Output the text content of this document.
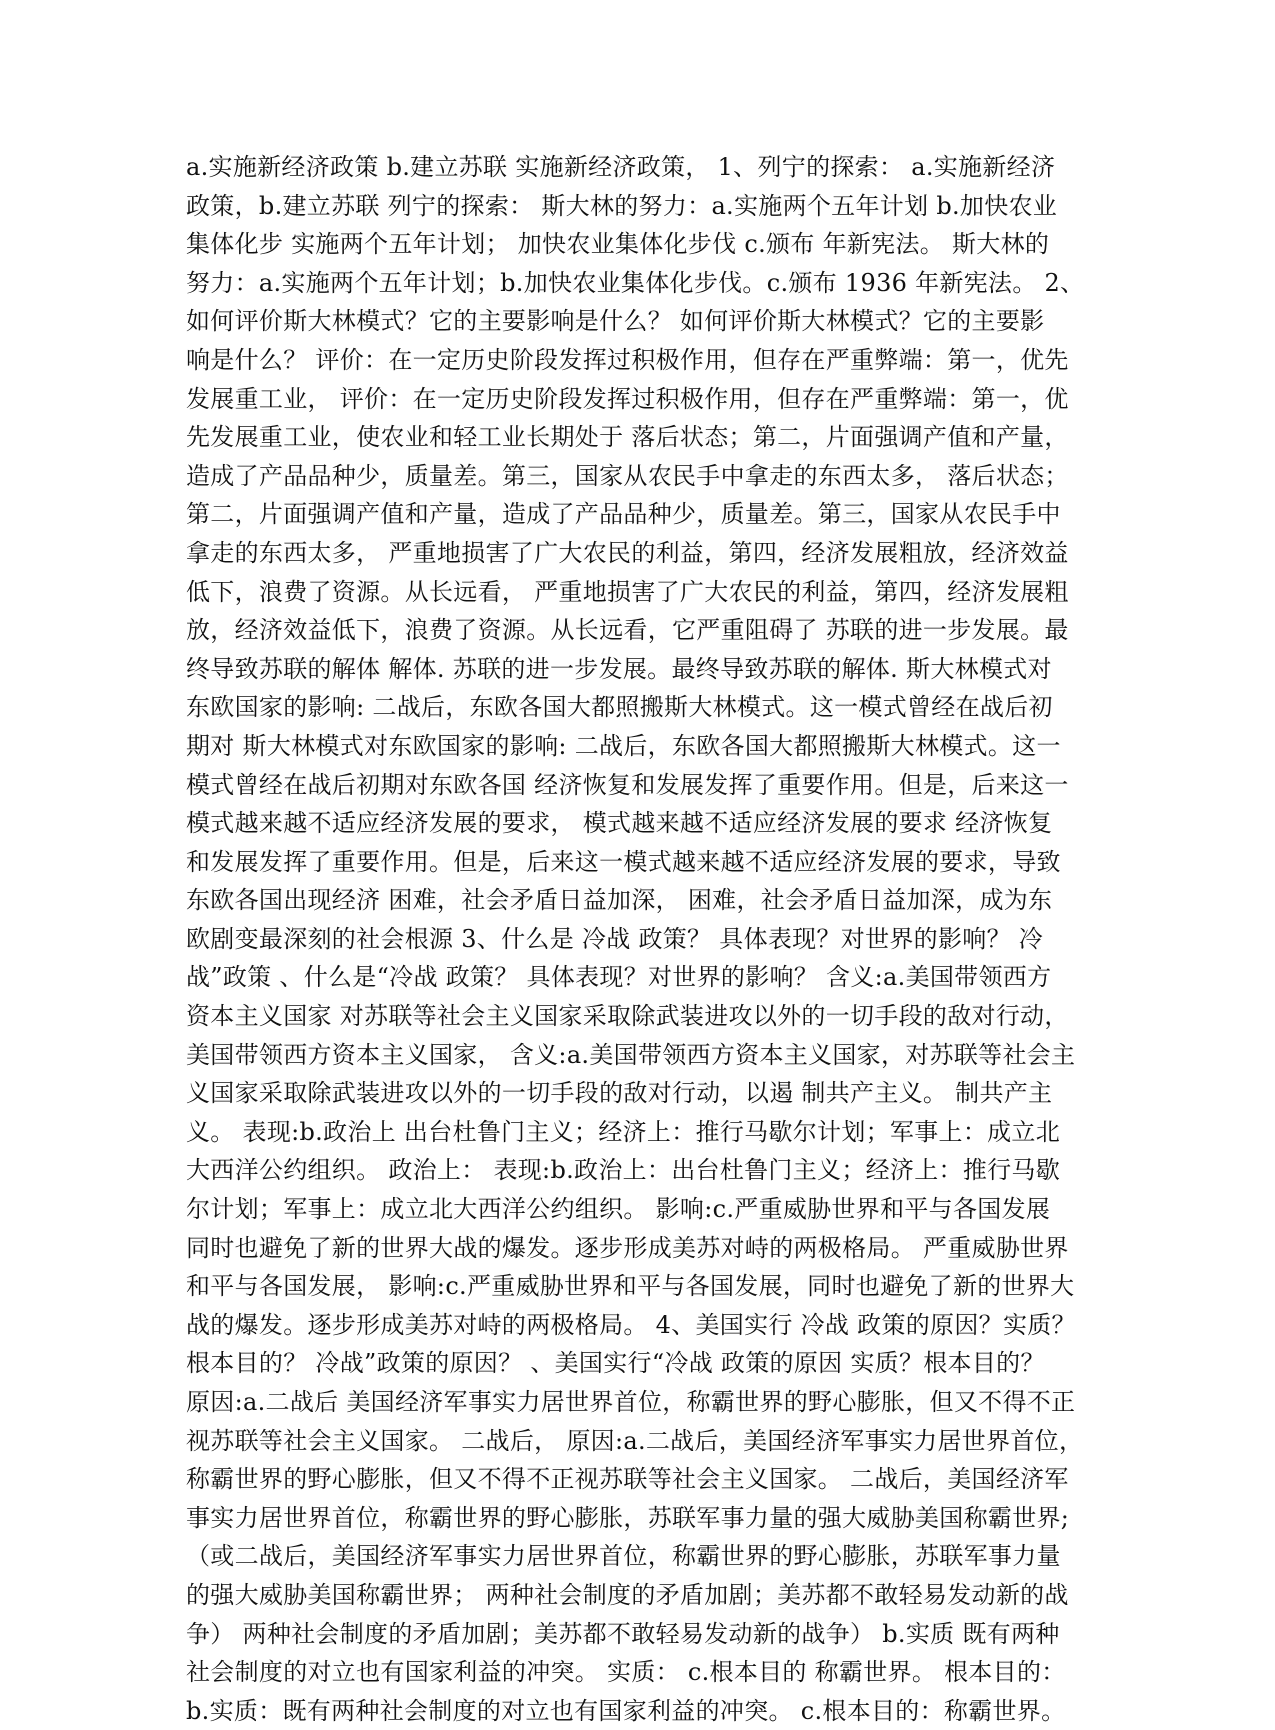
a.实施新经济政策 b.建立苏联 实施新经济政策， 1、列宁的探索： a.实施新经济
政策，b.建立苏联 列宁的探索： 斯大林的努力：a.实施两个五年计划 b.加快农业
集体化步 实施两个五年计划； 加快农业集体化步伐 c.颁布 年新宪法。 斯大林的
努力：a.实施两个五年计划；b.加快农业集体化步伐。c.颁布 1936 年新宪法。 2、
如何评价斯大林模式？它的主要影响是什么？ 如何评价斯大林模式？它的主要影
响是什么？ 评价：在一定历史阶段发挥过积极作用，但存在严重弊端：第一，优先
发展重工业， 评价：在一定历史阶段发挥过积极作用，但存在严重弊端：第一，优
先发展重工业，使农业和轻工业长期处于 落后状态；第二，片面强调产值和产量，
造成了产品品种少，质量差。第三，国家从农民手中拿走的东西太多， 落后状态；
第二，片面强调产值和产量，造成了产品品种少，质量差。第三，国家从农民手中
拿走的东西太多， 严重地损害了广大农民的利益，第四，经济发展粗放，经济效益
低下，浪费了资源。从长远看， 严重地损害了广大农民的利益，第四，经济发展粗
放，经济效益低下，浪费了资源。从长远看，它严重阻碍了 苏联的进一步发展。最
终导致苏联的解体 解体. 苏联的进一步发展。最终导致苏联的解体. 斯大林模式对
东欧国家的影响: 二战后，东欧各国大都照搬斯大林模式。这一模式曾经在战后初
期对 斯大林模式对东欧国家的影响: 二战后，东欧各国大都照搬斯大林模式。这一
模式曾经在战后初期对东欧各国 经济恢复和发展发挥了重要作用。但是，后来这一
模式越来越不适应经济发展的要求， 模式越来越不适应经济发展的要求 经济恢复
和发展发挥了重要作用。但是，后来这一模式越来越不适应经济发展的要求，导致
东欧各国出现经济 困难，社会矛盾日益加深， 困难，社会矛盾日益加深，成为东
欧剧变最深刻的社会根源 3、什么是 冷战 政策？ 具体表现？对世界的影响？ 冷
战”政策 、什么是“冷战 政策？ 具体表现？对世界的影响？ 含义:a.美国带领西方
资本主义国家 对苏联等社会主义国家采取除武装进攻以外的一切手段的敌对行动，
美国带领西方资本主义国家， 含义:a.美国带领西方资本主义国家，对苏联等社会主
义国家采取除武装进攻以外的一切手段的敌对行动，以遏 制共产主义。 制共产主
义。 表现:b.政治上 出台杜鲁门主义；经济上：推行马歇尔计划；军事上：成立北
大西洋公约组织。 政治上： 表现:b.政治上：出台杜鲁门主义；经济上：推行马歇
尔计划；军事上：成立北大西洋公约组织。 影响:c.严重威胁世界和平与各国发展
同时也避免了新的世界大战的爆发。逐步形成美苏对峙的两极格局。 严重威胁世界
和平与各国发展， 影响:c.严重威胁世界和平与各国发展，同时也避免了新的世界大
战的爆发。逐步形成美苏对峙的两极格局。 4、美国实行 冷战 政策的原因？实质？
根本目的？ 冷战”政策的原因？ 、美国实行“冷战 政策的原因 实质？根本目的？
原因:a.二战后 美国经济军事实力居世界首位，称霸世界的野心膨胀，但又不得不正
视苏联等社会主义国家。 二战后， 原因:a.二战后，美国经济军事实力居世界首位，
称霸世界的野心膨胀，但又不得不正视苏联等社会主义国家。 二战后，美国经济军
事实力居世界首位，称霸世界的野心膨胀，苏联军事力量的强大威胁美国称霸世界;
（或二战后，美国经济军事实力居世界首位，称霸世界的野心膨胀，苏联军事力量
的强大威胁美国称霸世界； 两种社会制度的矛盾加剧；美苏都不敢轻易发动新的战
争） 两种社会制度的矛盾加剧；美苏都不敢轻易发动新的战争） b.实质 既有两种
社会制度的对立也有国家利益的冲突。 实质： c.根本目的 称霸世界。 根本目的：
b.实质：既有两种社会制度的对立也有国家利益的冲突。 c.根本目的：称霸世界。
